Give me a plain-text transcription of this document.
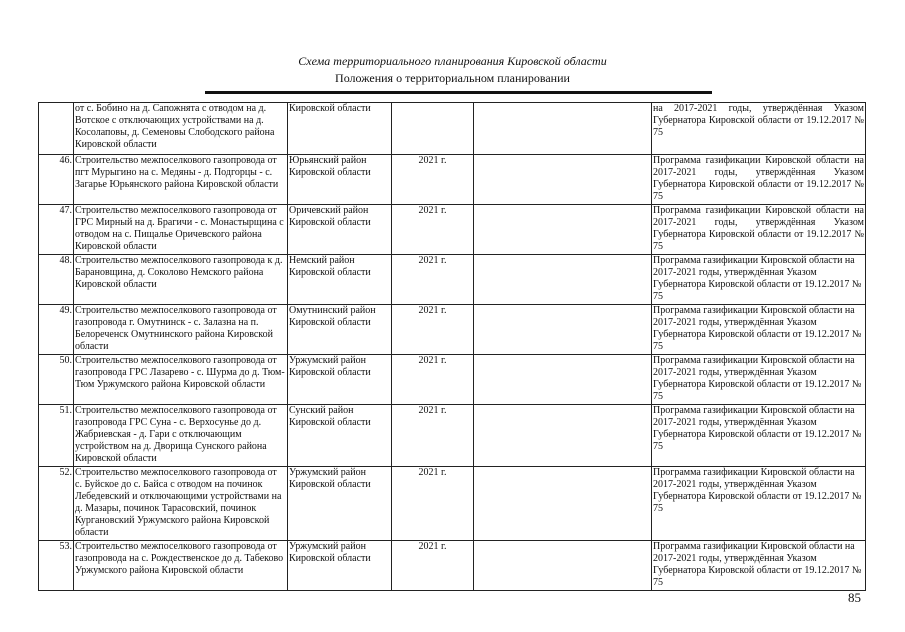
Схема территориального планирования Кировской области
Положения о территориальном планировании
	от с. Бобино на д. Сапожнята с отводом на д. Вотское с отключающих устройствами на д. Косолаповы, д. Семеновы Слободского района Кировской области	Кировской области			на 2017-2021 годы, утверждённая Указом Губернатора Кировской области от 19.12.2017 № 75
46.	Строительство межпоселкового газопровода от пгт Мурыгино на с. Медяны - д. Подгорцы - с. Загарье Юрьянского района Кировской области	Юрьянский район Кировской области	2021 г.		Программа газификации Кировской области на 2017-2021 годы, утверждённая Указом Губернатора Кировской области от 19.12.2017 № 75
47.	Строительство межпоселкового газопровода от ГРС Мирный на д. Брагичи - с. Монастырщина с отводом на с. Пищалье Оричевского района Кировской области	Оричевский район Кировской области	2021 г.		Программа газификации Кировской области на 2017-2021 годы, утверждённая Указом Губернатора Кировской области от 19.12.2017 № 75
48.	Строительство межпоселкового газопровода к д. Барановщина, д. Соколово Немского района Кировской области	Немский район Кировской области	2021 г.		Программа газификации Кировской области на 2017-2021 годы, утверждённая Указом Губернатора Кировской области от 19.12.2017 № 75
49.	Строительство межпоселкового газопровода от газопровода г. Омутнинск - с. Залазна на п. Белореченск Омутнинского района Кировской области	Омутнинский район Кировской области	2021 г.		Программа газификации Кировской области на 2017-2021 годы, утверждённая Указом Губернатора Кировской области от 19.12.2017 № 75
50.	Строительство межпоселкового газопровода от газопровода ГРС Лазарево - с. Шурма до д. Тюм-Тюм Уржумского района Кировской области	Уржумский район Кировской области	2021 г.		Программа газификации Кировской области на 2017-2021 годы, утверждённая Указом Губернатора Кировской области от 19.12.2017 № 75
51.	Строительство межпоселкового газопровода от газопровода ГРС Суна - с. Верхосунье до д. Жабриевская - д. Гари с отключающим устройством на д. Дворища Сунского района Кировской области	Сунский район Кировской области	2021 г.		Программа газификации Кировской области на 2017-2021 годы, утверждённая Указом Губернатора Кировской области от 19.12.2017 № 75
52.	Строительство межпоселкового газопровода от с. Буйское до с. Байса с отводом на починок Лебедевский и отключающими устройствами на д. Мазары, починок Тарасовский, починок Кургановский Уржумского района Кировской области	Уржумский район Кировской области	2021 г.		Программа газификации Кировской области на 2017-2021 годы, утверждённая Указом Губернатора Кировской области от 19.12.2017 № 75
53.	Строительство межпоселкового газопровода от газопровода на с. Рождественское до д. Табеково Уржумского района Кировской области	Уржумский район Кировской области	2021 г.		Программа газификации Кировской области на 2017-2021 годы, утверждённая Указом Губернатора Кировской области от 19.12.2017 № 75
85
